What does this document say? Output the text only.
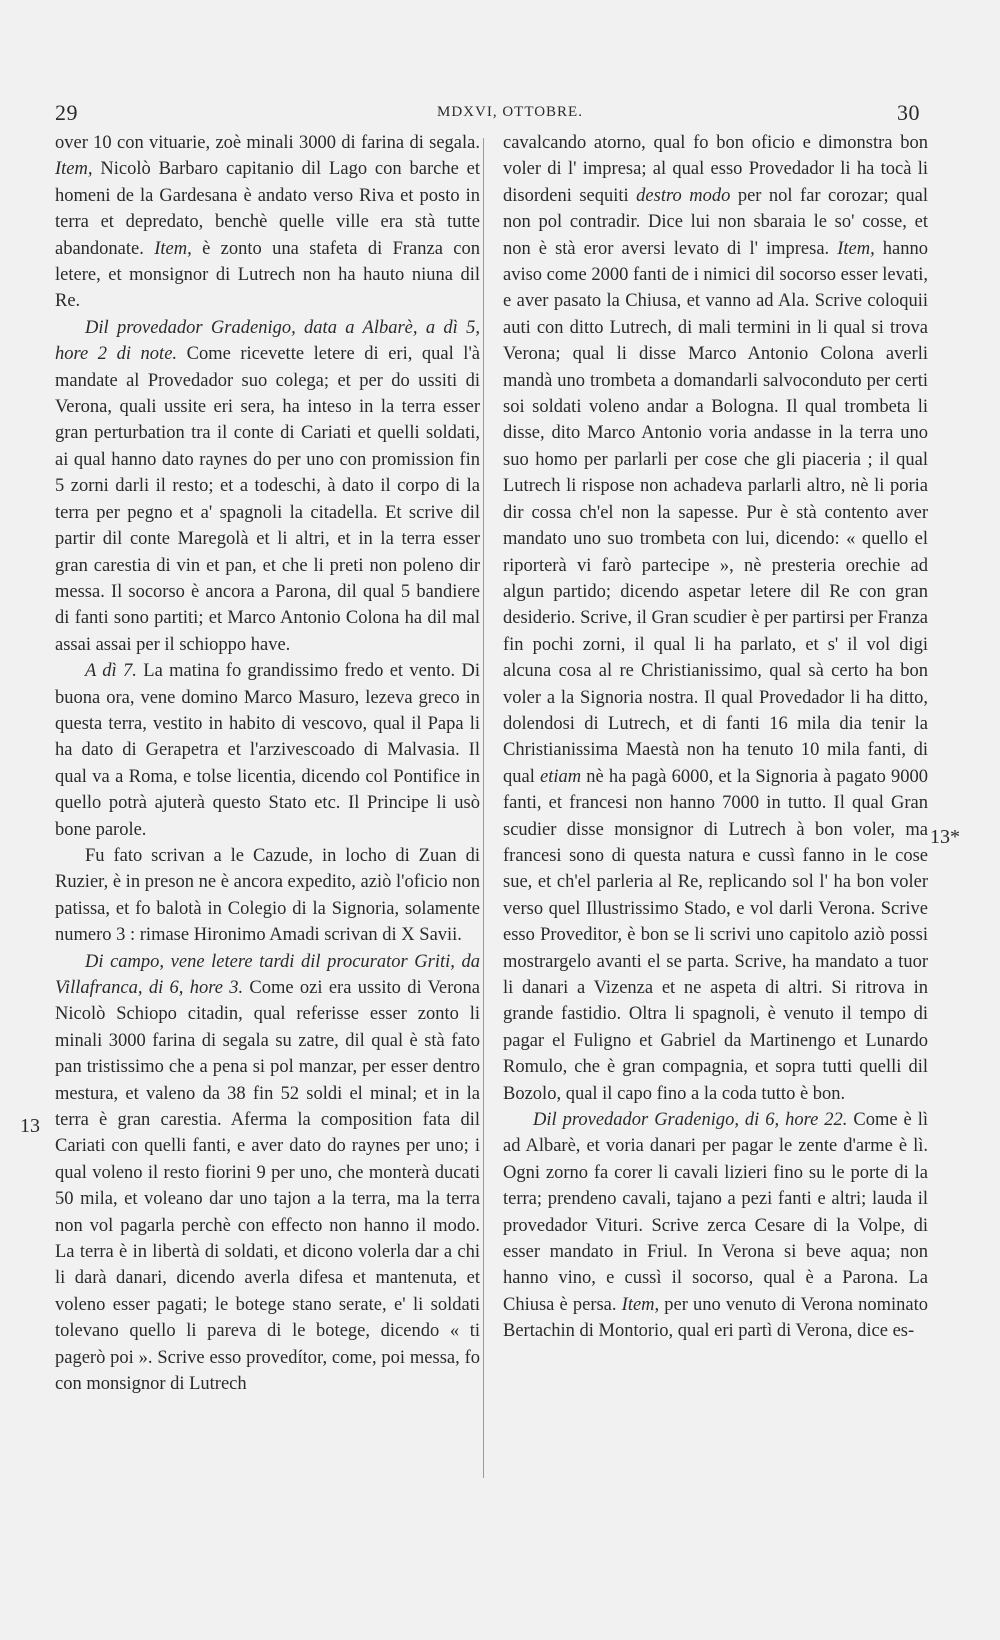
29	MDXVI, OTTOBRE.	30
13
13*

over 10 con vituarie, zoè minali 3000 di farina di segala. Item, Nicolò Barbaro capitanio dil Lago con barche et homeni de la Gardesana è andato verso Riva et posto in terra et depredato, benchè quelle ville era stà tutte abandonate. Item, è zonto una stafeta di Franza con letere, et monsignor di Lutrech non ha hauto niuna dil Re.

Dil provedador Gradenigo, data a Albarè, a dì 5, hore 2 di note. Come ricevette letere di eri, qual l'à mandate al Provedador suo colega; et per do ussiti di Verona, quali ussite eri sera, ha inteso in la terra esser gran perturbation tra il conte di Cariati et quelli soldati, ai qual hanno dato raynes do per uno con promission fin 5 zorni darli il resto; et a todeschi, à dato il corpo di la terra per pegno et a' spagnoli la citadella. Et scrive dil partir dil conte Maregolà et li altri, et in la terra esser gran carestia di vin et pan, et che li preti non poleno dir messa. Il socorso è ancora a Parona, dil qual 5 bandiere di fanti sono partiti; et Marco Antonio Colona ha dil mal assai assai per il schioppo have.

A dì 7. La matina fo grandissimo fredo et vento. Di buona ora, vene domino Marco Masuro, lezeva greco in questa terra, vestito in habito di vescovo, qual il Papa li ha dato di Gerapetra et l'arzivescoado di Malvasia. Il qual va a Roma, e tolse licentia, dicendo col Pontifice in quello potrà ajuterà questo Stato etc. Il Principe li usò bone parole.

Fu fato scrivan a le Cazude, in locho di Zuan di Ruzier, è in preson ne è ancora expedito, aziò l'oficio non patissa, et fo balotà in Colegio di la Signoria, solamente numero 3 : rimase Hironimo Amadi scrivan di X Savii.

Di campo, vene letere tardi dil procurator Griti, da Villafranca, di 6, hore 3. Come ozi era ussito di Verona Nicolò Schiopo citadin, qual referisse esser zonto li minali 3000 farina di segala su zatre, dil qual è stà fato pan tristissimo che a pena si pol manzar, per esser dentro mestura, et valeno da 38 fin 52 soldi el minal; et in la terra è gran carestia. Aferma la composition fata dil Cariati con quelli fanti, e aver dato do raynes per uno; i qual voleno il resto fiorini 9 per uno, che monterà ducati 50 mila, et voleano dar uno tajon a la terra, ma la terra non vol pagarla perchè con effecto non hanno il modo. La terra è in libertà di soldati, et dicono volerla dar a chi li darà danari, dicendo averla difesa et mantenuta, et voleno esser pagati; le botege stano serate, e' li soldati tolevano quello li pareva di le botege, dicendo « ti pagerò poi ». Scrive esso provedítor, come, poi messa, fo con monsignor di Lutrech

cavalcando atorno, qual fo bon oficio e dimonstra bon voler di l' impresa; al qual esso Provedador li ha tocà li disordeni sequiti destro modo per nol far corozar; qual non pol contradir. Dice lui non sbaraia le so' cosse, et non è stà eror aversi levato di l' impresa. Item, hanno aviso come 2000 fanti de i nimici dil socorso esser levati, e aver pasato la Chiusa, et vanno ad Ala. Scrive coloquii auti con ditto Lutrech, di mali termini in li qual si trova Verona; qual li disse Marco Antonio Colona averli mandà uno trombeta a domandarli salvoconduto per certi soi soldati voleno andar a Bologna. Il qual trombeta li disse, dito Marco Antonio voria andasse in la terra uno suo homo per parlarli per cose che gli piaceria ; il qual Lutrech li rispose non achadeva parlarli altro, nè li poria dir cossa ch'el non la sapesse. Pur è stà contento aver mandato uno suo trombeta con lui, dicendo: « quello el riporterà vi farò partecipe », nè presteria orechie ad algun partido; dicendo aspetar letere dil Re con gran desiderio. Scrive, il Gran scudier è per partirsi per Franza fin pochi zorni, il qual li ha parlato, et s' il vol digi alcuna cosa al re Christianissimo, qual sà certo ha bon voler a la Signoria nostra. Il qual Provedador li ha ditto, dolendosi di Lutrech, et di fanti 16 mila dia tenir la Christianissima Maestà non ha tenuto 10 mila fanti, di qual etiam nè ha pagà 6000, et la Signoria à pagato 9000 fanti, et francesi non hanno 7000 in tutto. Il qual Gran scudier disse monsignor di Lutrech à bon voler, ma francesi sono di questa natura e cussì fanno in le cose sue, et ch'el parleria al Re, replicando sol l' ha bon voler verso quel Illustrissimo Stado, e vol darli Verona. Scrive esso Proveditor, è bon se li scrivi uno capitolo aziò possi mostrargelo avanti el se parta. Scrive, ha mandato a tuor li danari a Vizenza et ne aspeta di altri. Si ritrova in grande fastidio. Oltra li spagnoli, è venuto il tempo di pagar el Fuligno et Gabriel da Martinengo et Lunardo Romulo, che è gran compagnia, et sopra tutti quelli dil Bozolo, qual il capo fino a la coda tutto è bon.

Dil provedador Gradenigo, di 6, hore 22. Come è lì ad Albarè, et voria danari per pagar le zente d'arme è lì. Ogni zorno fa corer li cavali lizieri fino su le porte di la terra; prendeno cavali, tajano a pezi fanti e altri; lauda il provedador Vituri. Scrive zerca Cesare di la Volpe, di esser mandato in Friul. In Verona si beve aqua; non hanno vino, e cussì il socorso, qual è a Parona. La Chiusa è persa. Item, per uno venuto di Verona nominato Bertachin di Montorio, qual eri partì di Verona, dice es-
